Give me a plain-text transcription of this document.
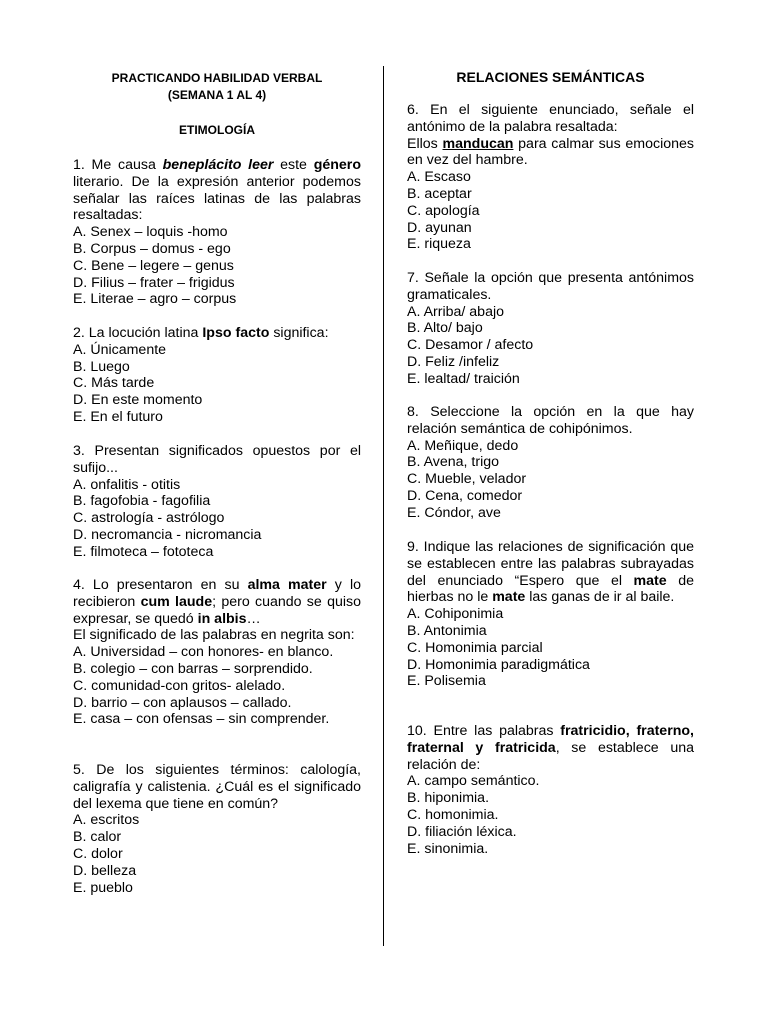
PRACTICANDO HABILIDAD VERBAL
(SEMANA 1 AL 4)
ETIMOLOGÍA
1. Me causa beneplácito leer este género literario. De la expresión anterior podemos señalar las raíces latinas de las palabras resaltadas:
A. Senex – loquis -homo
B. Corpus – domus - ego
C. Bene – legere – genus
D. Filius – frater – frigidus
E. Literae – agro – corpus
2. La locución latina Ipso facto significa:
A. Únicamente
B. Luego
C. Más tarde
D. En este momento
E. En el futuro
3. Presentan significados opuestos por el sufijo...
A. onfalitis - otitis
B. fagofobia - fagofilia
C. astrología - astrólogo
D. necromancia - nicromancia
E. filmoteca – fototeca
4. Lo presentaron en su alma mater y lo recibieron cum laude; pero cuando se quiso expresar, se quedó in albis…
El significado de las palabras en negrita son:
A. Universidad – con honores- en blanco.
B. colegio – con barras – sorprendido.
C. comunidad-con gritos- alelado.
D. barrio – con aplausos – callado.
E. casa – con ofensas – sin comprender.
5. De los siguientes términos: calología, caligrafía y calistenia. ¿Cuál es el significado del lexema que tiene en común?
A. escritos
B. calor
C. dolor
D. belleza
E. pueblo
RELACIONES SEMÁNTICAS
6. En el siguiente enunciado, señale el antónimo de la palabra resaltada:
Ellos manducan para calmar sus emociones en vez del hambre.
A. Escaso
B. aceptar
C. apología
D. ayunan
E. riqueza
7. Señale la opción que presenta antónimos gramaticales.
A. Arriba/ abajo
B. Alto/ bajo
C. Desamor / afecto
D. Feliz /infeliz
E. lealtad/ traición
8. Seleccione la opción en la que hay relación semántica de cohipónimos.
A. Meñique, dedo
B. Avena, trigo
C. Mueble, velador
D. Cena, comedor
E. Cóndor, ave
9. Indique las relaciones de significación que se establecen entre las palabras subrayadas del enunciado “Espero que el mate de hierbas no le mate las ganas de ir al baile.
A. Cohiponimia
B. Antonimia
C. Homonimia parcial
D. Homonimia paradigmática
E. Polisemia
10. Entre las palabras fratricidio, fraterno, fraternal y fratricida, se establece una relación de:
A. campo semántico.
B. hiponimia.
C. homonimia.
D. filiación léxica.
E. sinonimia.
